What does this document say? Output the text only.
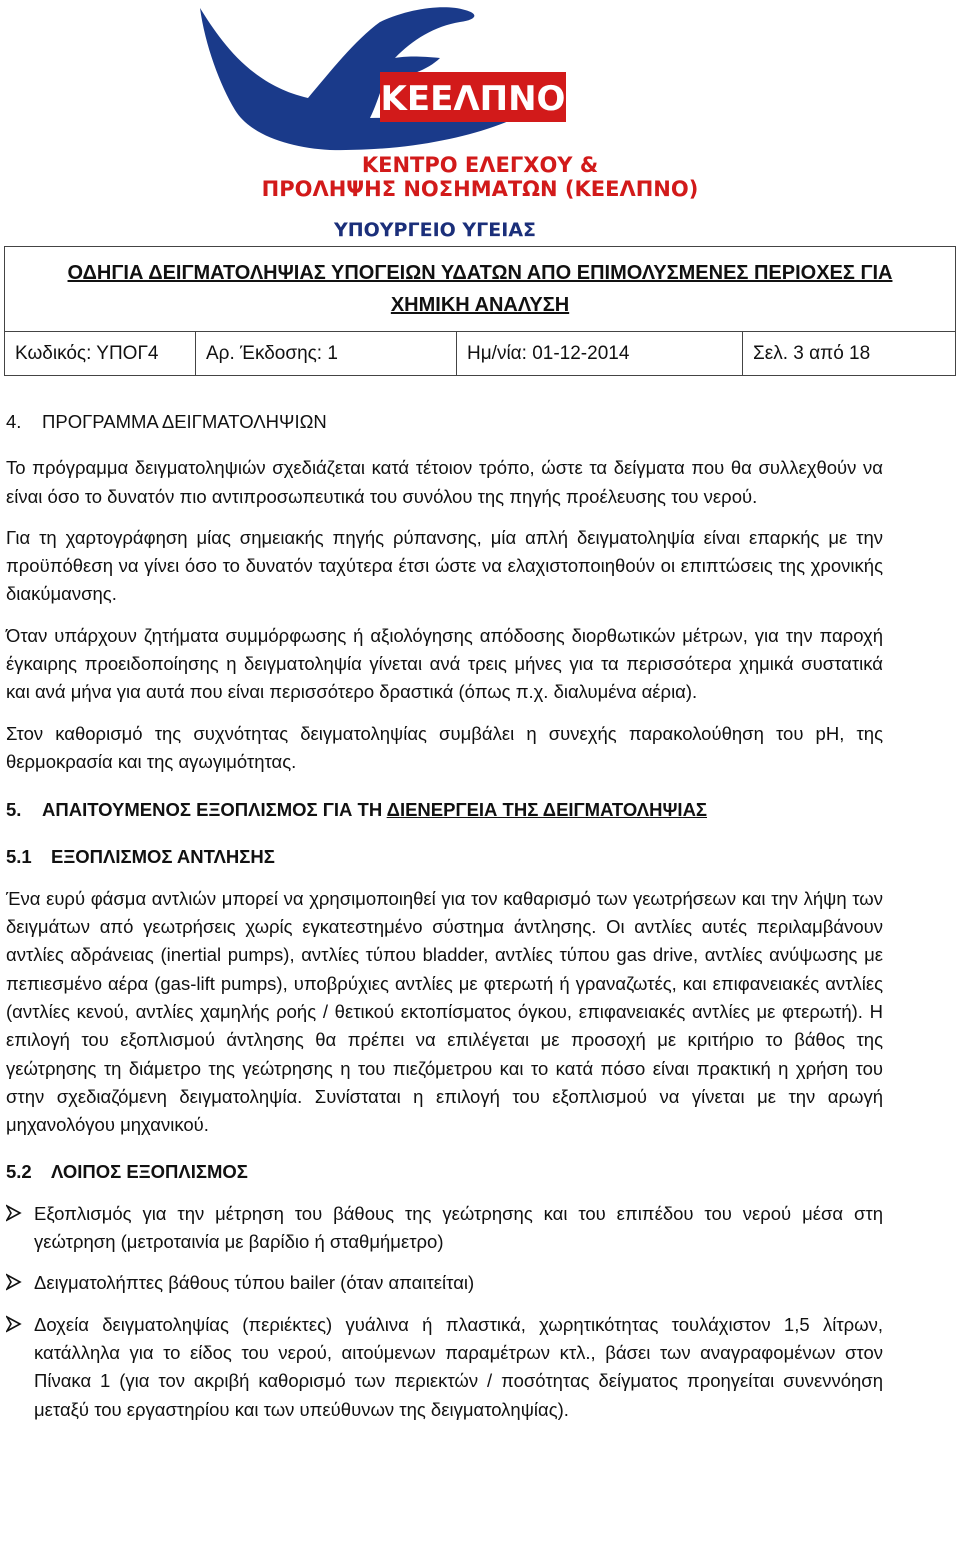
ΚΕΕΛΠΝΟ
ΚΕΝΤΡΟ ΕΛΕΓΧΟΥ &
ΠΡΟΛΗΨΗΣ ΝΟΣΗΜΑΤΩΝ (ΚΕΕΛΠΝΟ)
ΥΠΟΥΡΓΕΙΟ ΥΓΕΙΑΣ
ΟΔΗΓΙΑ ΔΕΙΓΜΑΤΟΛΗΨΙΑΣ ΥΠΟΓΕΙΩΝ ΥΔΑΤΩΝ ΑΠΟ ΕΠΙΜΟΛΥΣΜΕΝΕΣ ΠΕΡΙΟΧΕΣ ΓΙΑ
ΧΗΜΙΚΗ ΑΝΑΛΥΣΗ
Κωδικός: ΥΠΟΓ4	Αρ. Έκδοσης: 1	Ημ/νία: 01-12-2014	Σελ. 3 από 18
4. ΠΡΟΓΡΑΜΜΑ ΔΕΙΓΜΑΤΟΛΗΨΙΩΝ

Το πρόγραμμα δειγματοληψιών σχεδιάζεται κατά τέτοιον τρόπο, ώστε τα δείγματα που θα συλλεχθούν να είναι όσο το δυνατόν πιο αντιπροσωπευτικά του συνόλου της πηγής προέλευσης του νερού.

Για τη χαρτογράφηση μίας σημειακής πηγής ρύπανσης, μία απλή δειγματοληψία είναι επαρκής με την προϋπόθεση να γίνει όσο το δυνατόν ταχύτερα έτσι ώστε να ελαχιστοποιηθούν οι επιπτώσεις της χρονικής διακύμανσης.

Όταν υπάρχουν ζητήματα συμμόρφωσης ή αξιολόγησης απόδοσης διορθωτικών μέτρων, για την παροχή έγκαιρης προειδοποίησης η δειγματοληψία γίνεται ανά τρεις μήνες για τα περισσότερα χημικά συστατικά και ανά μήνα για αυτά που είναι περισσότερο δραστικά (όπως π.χ. διαλυμένα αέρια).

Στον καθορισμό της συχνότητας δειγματοληψίας συμβάλει η συνεχής παρακολούθηση του pH, της θερμοκρασία και της αγωγιμότητας.

5. ΑΠΑΙΤΟΥΜΕΝΟΣ ΕΞΟΠΛΙΣΜΟΣ ΓΙΑ ΤΗ ΔΙΕΝΕΡΓΕΙΑ ΤΗΣ ΔΕΙΓΜΑΤΟΛΗΨΙΑΣ
5.1 ΕΞΟΠΛΙΣΜΟΣ ΑΝΤΛΗΣΗΣ

Ένα ευρύ φάσμα αντλιών μπορεί να χρησιμοποιηθεί για τον καθαρισμό των γεωτρήσεων και την λήψη των δειγμάτων από γεωτρήσεις χωρίς εγκατεστημένο σύστημα άντλησης. Οι αντλίες αυτές περιλαμβάνουν αντλίες αδράνειας (inertial pumps), αντλίες τύπου bladder, αντλίες τύπου gas drive, αντλίες ανύψωσης με πεπιεσμένο αέρα (gas-lift pumps), υποβρύχιες αντλίες με φτερωτή ή γραναζωτές, και επιφανειακές αντλίες (αντλίες κενού, αντλίες χαμηλής ροής / θετικού εκτοπίσματος όγκου, επιφανειακές αντλίες με φτερωτή). Η επιλογή του εξοπλισμού άντλησης θα πρέπει να επιλέγεται με προσοχή με κριτήριο το βάθος της γεώτρησης τη διάμετρο της γεώτρησης η του πιεζόμετρου και το κατά πόσο είναι πρακτική η χρήση του στην σχεδιαζόμενη δειγματοληψία. Συνίσταται η επιλογή του εξοπλισμού να γίνεται με την αρωγή μηχανολόγου μηχανικού.

5.2 ΛΟΙΠΟΣ ΕΞΟΠΛΙΣΜΟΣ
Εξοπλισμός για την μέτρηση του βάθους της γεώτρησης και του επιπέδου του νερού μέσα στη γεώτρηση (μετροταινία με βαρίδιο ή σταθμήμετρο)
Δειγματολήπτες βάθους τύπου bailer (όταν απαιτείται)
Δοχεία δειγματοληψίας (περιέκτες) γυάλινα ή πλαστικά, χωρητικότητας τουλάχιστον 1,5 λίτρων, κατάλληλα για το είδος του νερού, αιτούμενων παραμέτρων κτλ., βάσει των αναγραφομένων στον Πίνακα 1 (για τον ακριβή καθορισμό των περιεκτών / ποσότητας δείγματος προηγείται συνεννόηση μεταξύ του εργαστηρίου και των υπεύθυνων της δειγματοληψίας).
